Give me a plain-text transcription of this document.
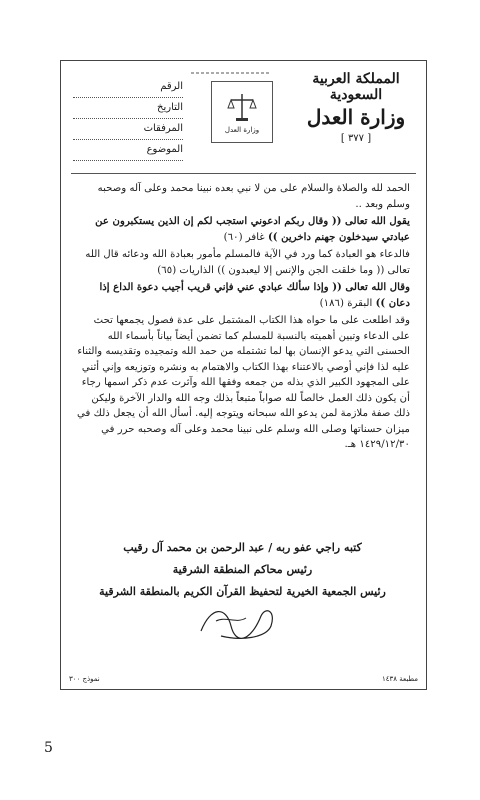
المملكة العربية السعودية
وزارة العدل
[ ٣٧٧ ]
وزارة العدل
الرقم
التاريخ
المرفقات
الموضوع

الحمد لله والصلاة والسلام على من لا نبي بعده نبينا محمد وعلى آله وصحبه وسلم وبعد ..

يقول الله تعالى (( وقال ربكم ادعوني استجب لكم إن الذين يستكبرون عن عبادتي سيدخلون جهنم داخرين )) غافر (٦٠)

فالدعاء هو العبادة كما ورد في الآية فالمسلم مأمور بعبادة الله ودعائه قال الله تعالى (( وما خلقت الجن والإنس إلا ليعبدون )) الذاريات (٦٥)

وقال الله تعالى (( وإذا سألك عبادي عني فإني قريب أجيب دعوة الداع إذا دعان )) البقرة (١٨٦)

وقد اطلعت على ما حواه هذا الكتاب المشتمل على عدة فصول يجمعها تحث على الدعاء وتبين أهميته بالنسبة للمسلم كما تضمن أيضاً بياناً بأسماء الله الحسنى التي يدعو الإنسان بها لما تشتمله من حمد الله وتمجيده وتقديسه والثناء عليه لذا فإني أوصي بالاعتناء بهذا الكتاب والاهتمام به ونشره وتوزيعه وإني أثني على المجهود الكبير الذي بذله من جمعه وفقها الله وآثرت عدم ذكر اسمها رجاء أن يكون ذلك العمل خالصاً لله صواباً متبعاً بذلك وجه الله والدار الآخرة وليكن ذلك صفة ملازمة لمن يدعو الله سبحانه ويتوجه إليه. أسأل الله أن يجعل ذلك في ميزان حسناتها وصلى الله وسلم على نبينا محمد وعلى آله وصحبه حرر في ١٤٢٩/١٢/٣٠ هـ.

كتبه راجي عفو ربه / عبد الرحمن بن محمد آل رقيب
رئيس محاكم المنطقة الشرقية
رئيس الجمعية الخيرية لتحفيظ القرآن الكريم بالمنطقة الشرقية
نموذج ٣٠٠	مطبعة ١٤٣٨
5
